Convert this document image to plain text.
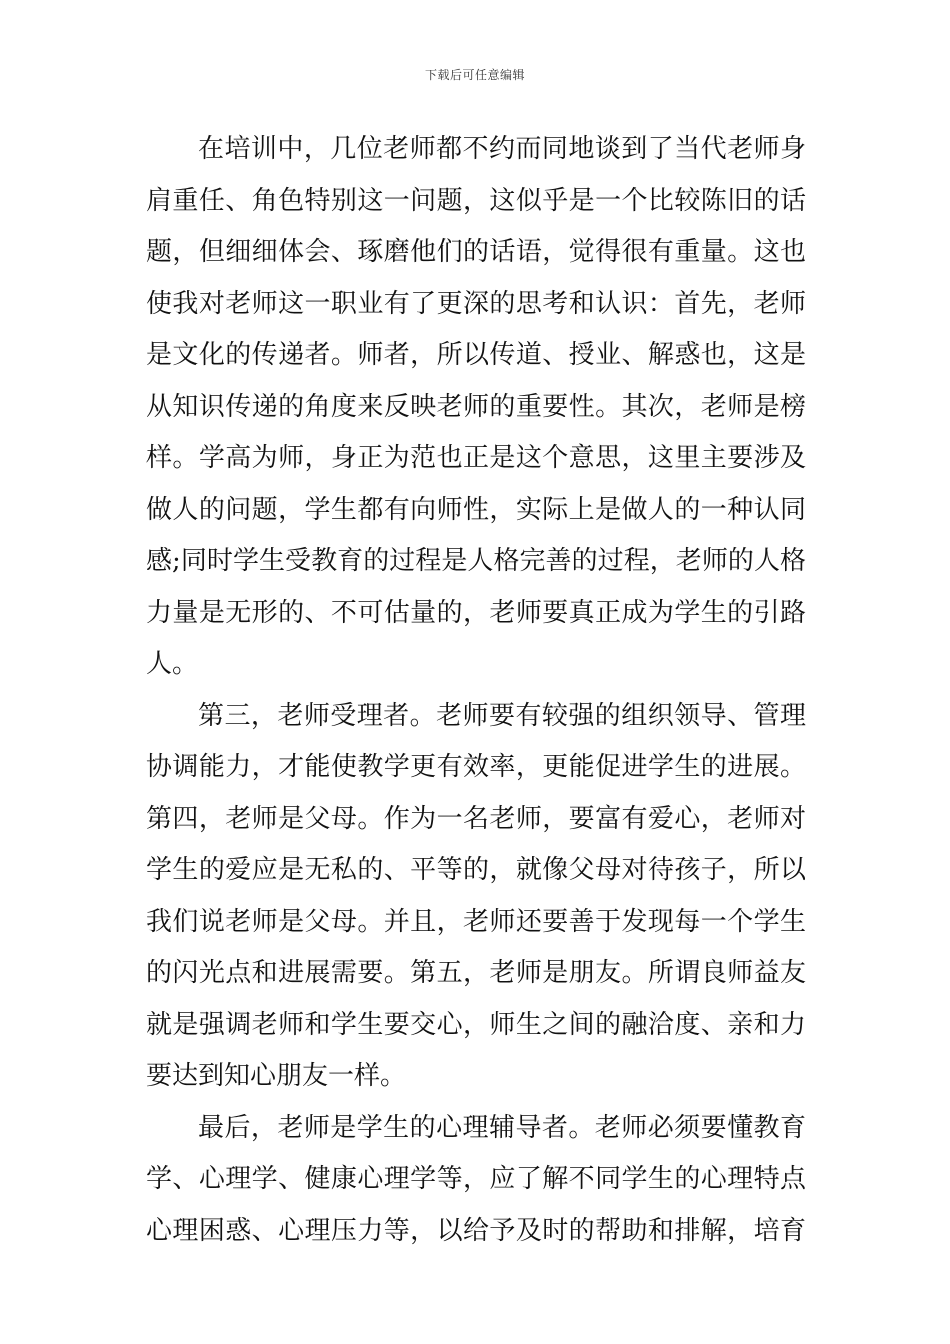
下载后可任意编辑
在培训中，几位老师都不约而同地谈到了当代老师身
肩重任、角色特别这一问题，这似乎是一个比较陈旧的话
题，但细细体会、琢磨他们的话语，觉得很有重量。这也
使我对老师这一职业有了更深的思考和认识：首先，老师
是文化的传递者。师者，所以传道、授业、解惑也，这是
从知识传递的角度来反映老师的重要性。其次，老师是榜
样。学高为师，身正为范也正是这个意思，这里主要涉及
做人的问题，学生都有向师性，实际上是做人的一种认同
感;同时学生受教育的过程是人格完善的过程，老师的人格
力量是无形的、不可估量的，老师要真正成为学生的引路
人。
第三，老师受理者。老师要有较强的组织领导、管理
协调能力，才能使教学更有效率，更能促进学生的进展。
第四，老师是父母。作为一名老师，要富有爱心，老师对
学生的爱应是无私的、平等的，就像父母对待孩子，所以
我们说老师是父母。并且，老师还要善于发现每一个学生
的闪光点和进展需要。第五，老师是朋友。所谓良师益友
就是强调老师和学生要交心，师生之间的融洽度、亲和力
要达到知心朋友一样。
最后，老师是学生的心理辅导者。老师必须要懂教育
学、心理学、健康心理学等，应了解不同学生的心理特点
心理困惑、心理压力等，以给予及时的帮助和排解，培育
